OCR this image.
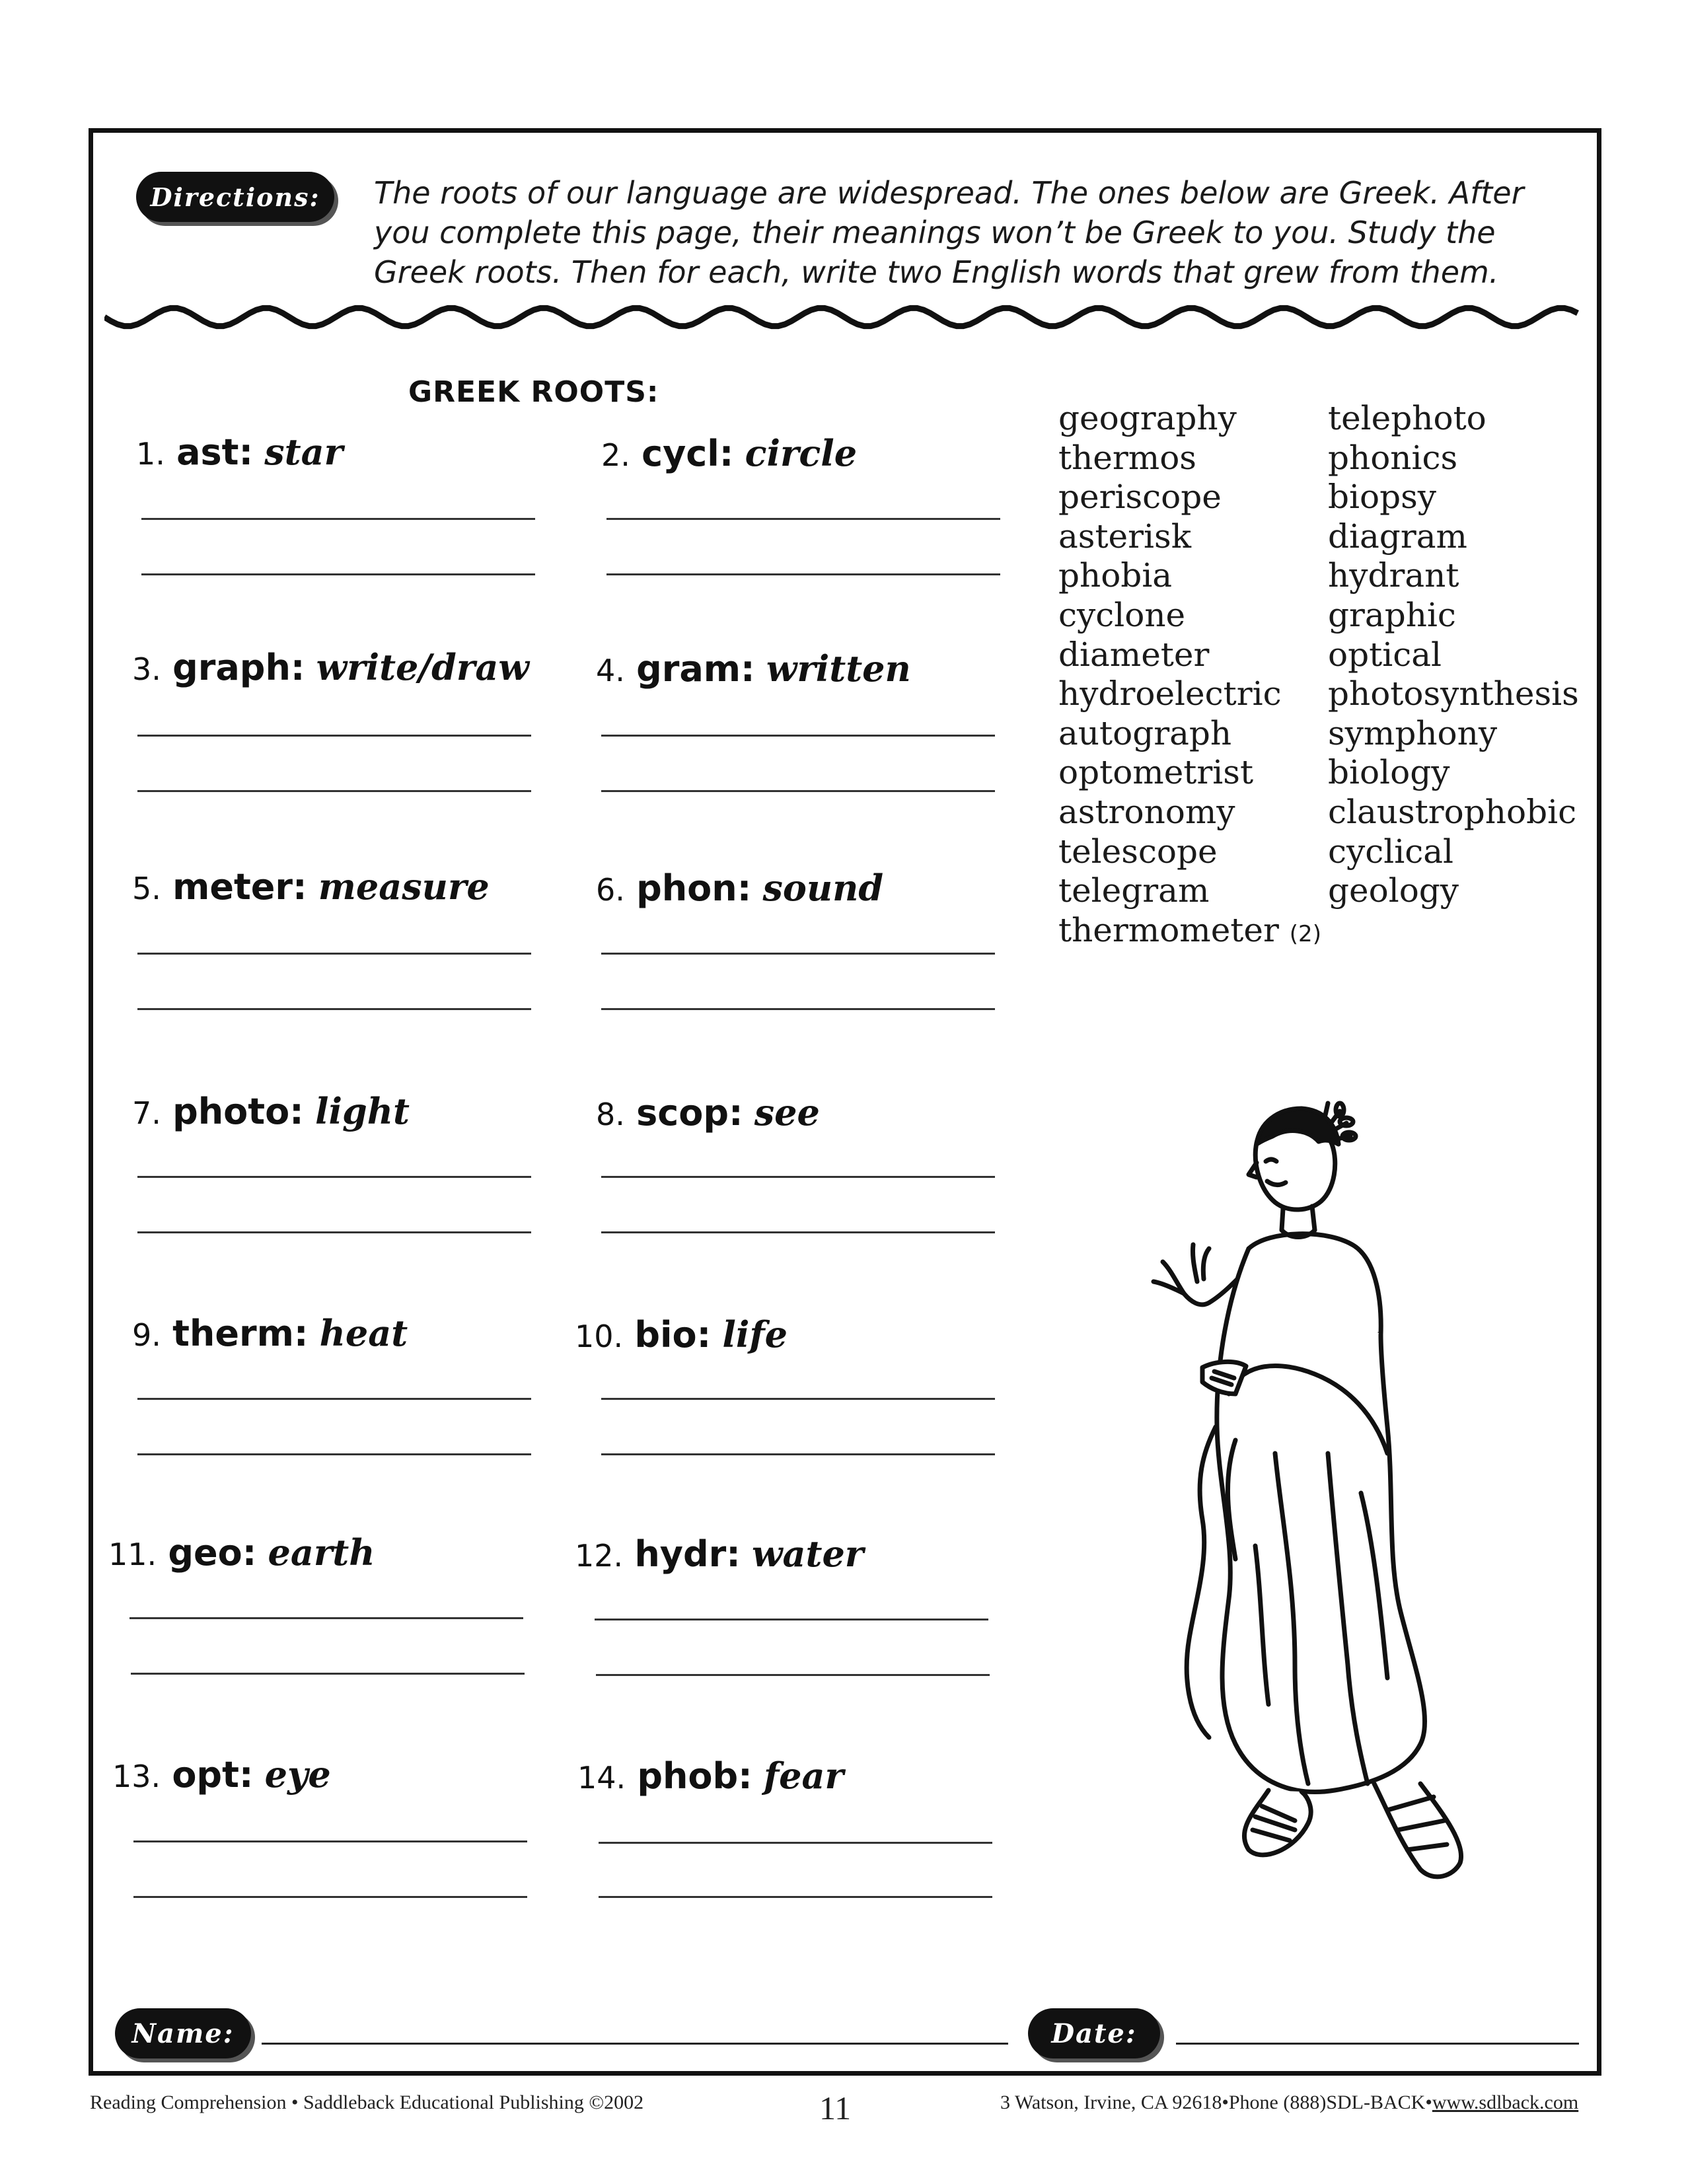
Directions: The roots of our language are widespread. The ones below are Greek. After you complete this page, their meanings won’t be Greek to you. Study the Greek roots. Then for each, write two English words that grew from them.
GREEK ROOTS:
1. ast: star	2. cycl: circle
3. graph: write/draw 4. gram: written
5. meter: measure	6. phon: sound
7. photo: light	8. scop: see
9. therm: heat	10. bio: life
11. geo: earth	12. hydr: water
13. opt: eye	14. phob: fear
geography
thermos
periscope
asterisk
phobia
cyclone
diameter
hydroelectric
autograph
optometrist
astronomy
telescope
telegram
thermometer (2)
telephoto
phonics
biopsy
diagram
hydrant
graphic
optical
photosynthesis
symphony
biology
claustrophobic
cyclical
geology
Name:	Date:
Reading Comprehension • Saddleback Educational Publishing ©2002	11	3 Watson, Irvine, CA 92618•Phone (888)SDL-BACK•www.sdlback.com
